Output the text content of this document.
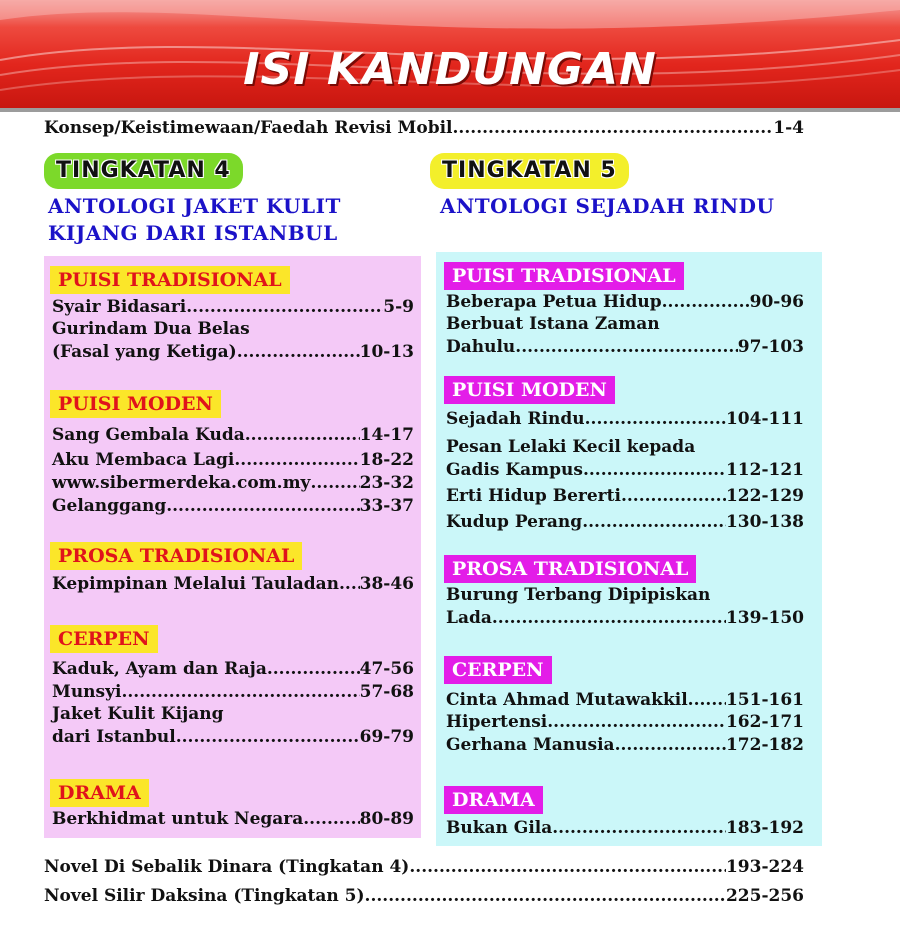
ISI KANDUNGAN
Konsep/Keistimewaan/Faedah Revisi Mobil .....	1-4
TINGKATAN 4	TINGKATAN 5
ANTOLOGI JAKET KULIT
KIJANG DARI ISTANBUL
ANTOLOGI SEJADAH RINDU
PUISI TRADISIONAL
Syair Bidasari .....	5-9
Gurindam Dua Belas
(Fasal yang Ketiga) .....	10-13
PUISI MODEN
Sang Gembala Kuda .....	14-17
Aku Membaca Lagi .....	18-22
www.sibermerdeka.com.my .....	23-32
Gelanggang .....	33-37
PROSA TRADISIONAL
Kepimpinan Melalui Tauladan ..... 38-46
CERPEN
Kaduk, Ayam dan Raja .....	47-56
Munsyi .....	57-68
Jaket Kulit Kijang
dari Istanbul .....	69-79
DRAMA
Berkhidmat untuk Negara .....	80-89
PUISI TRADISIONAL
Beberapa Petua Hidup .....	90-96
Berbuat Istana Zaman
Dahulu .....	97-103
PUISI MODEN
Sejadah Rindu .....	104-111
Pesan Lelaki Kecil kepada
Gadis Kampus .....	112-121
Erti Hidup Bererti .....	122-129
Kudup Perang .....	130-138
PROSA TRADISIONAL
Burung Terbang Dipipiskan
Lada .....	139-150
CERPEN
Cinta Ahmad Mutawakkil ..... 151-161
Hipertensi .....	162-171
Gerhana Manusia .....	172-182
DRAMA
Bukan Gila .....	183-192
Novel Di Sebalik Dinara (Tingkatan 4) .....	193-224
Novel Silir Daksina (Tingkatan 5) .....	225-256
